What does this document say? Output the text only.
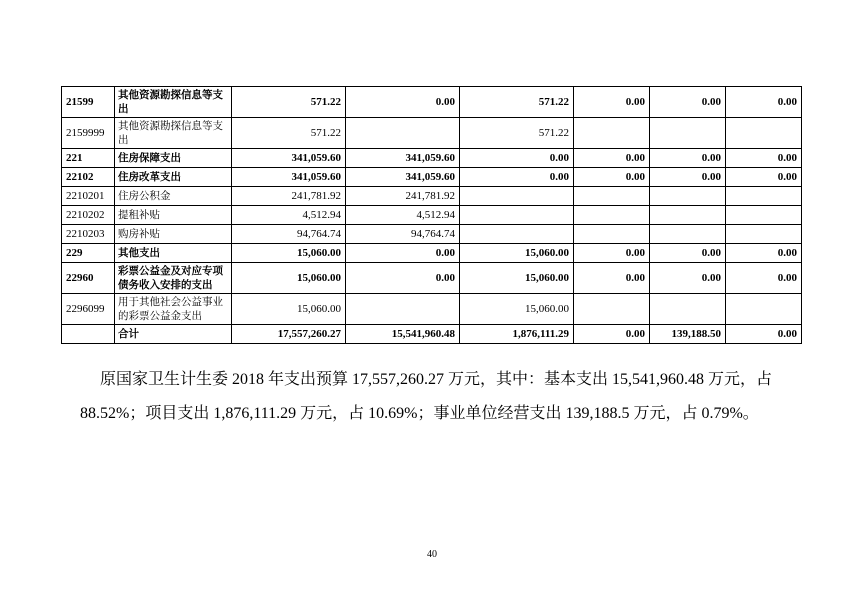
21599	其他资源勘探信息等支出	571.22	0.00	571.22	0.00	0.00	0.00
2159999	其他资源勘探信息等支出	571.22		571.22			
221	住房保障支出	341,059.60	341,059.60	0.00	0.00	0.00	0.00
22102	住房改革支出	341,059.60	341,059.60	0.00	0.00	0.00	0.00
2210201	住房公积金	241,781.92	241,781.92				
2210202	提租补贴	4,512.94	4,512.94				
2210203	购房补贴	94,764.74	94,764.74				
229	其他支出	15,060.00	0.00	15,060.00	0.00	0.00	0.00
22960	彩票公益金及对应专项债务收入安排的支出	15,060.00	0.00	15,060.00	0.00	0.00	0.00
2296099	用于其他社会公益事业的彩票公益金支出	15,060.00		15,060.00			
	合计	17,557,260.27	15,541,960.48	1,876,111.29	0.00	139,188.50	0.00

原国家卫生计生委 2018 年支出预算 17,557,260.27 万元，其中：基本支出 15,541,960.48 万元，占 88.52%；项目支出 1,876,111.29 万元，占 10.69%；事业单位经营支出 139,188.5 万元，占 0.79%。

40
